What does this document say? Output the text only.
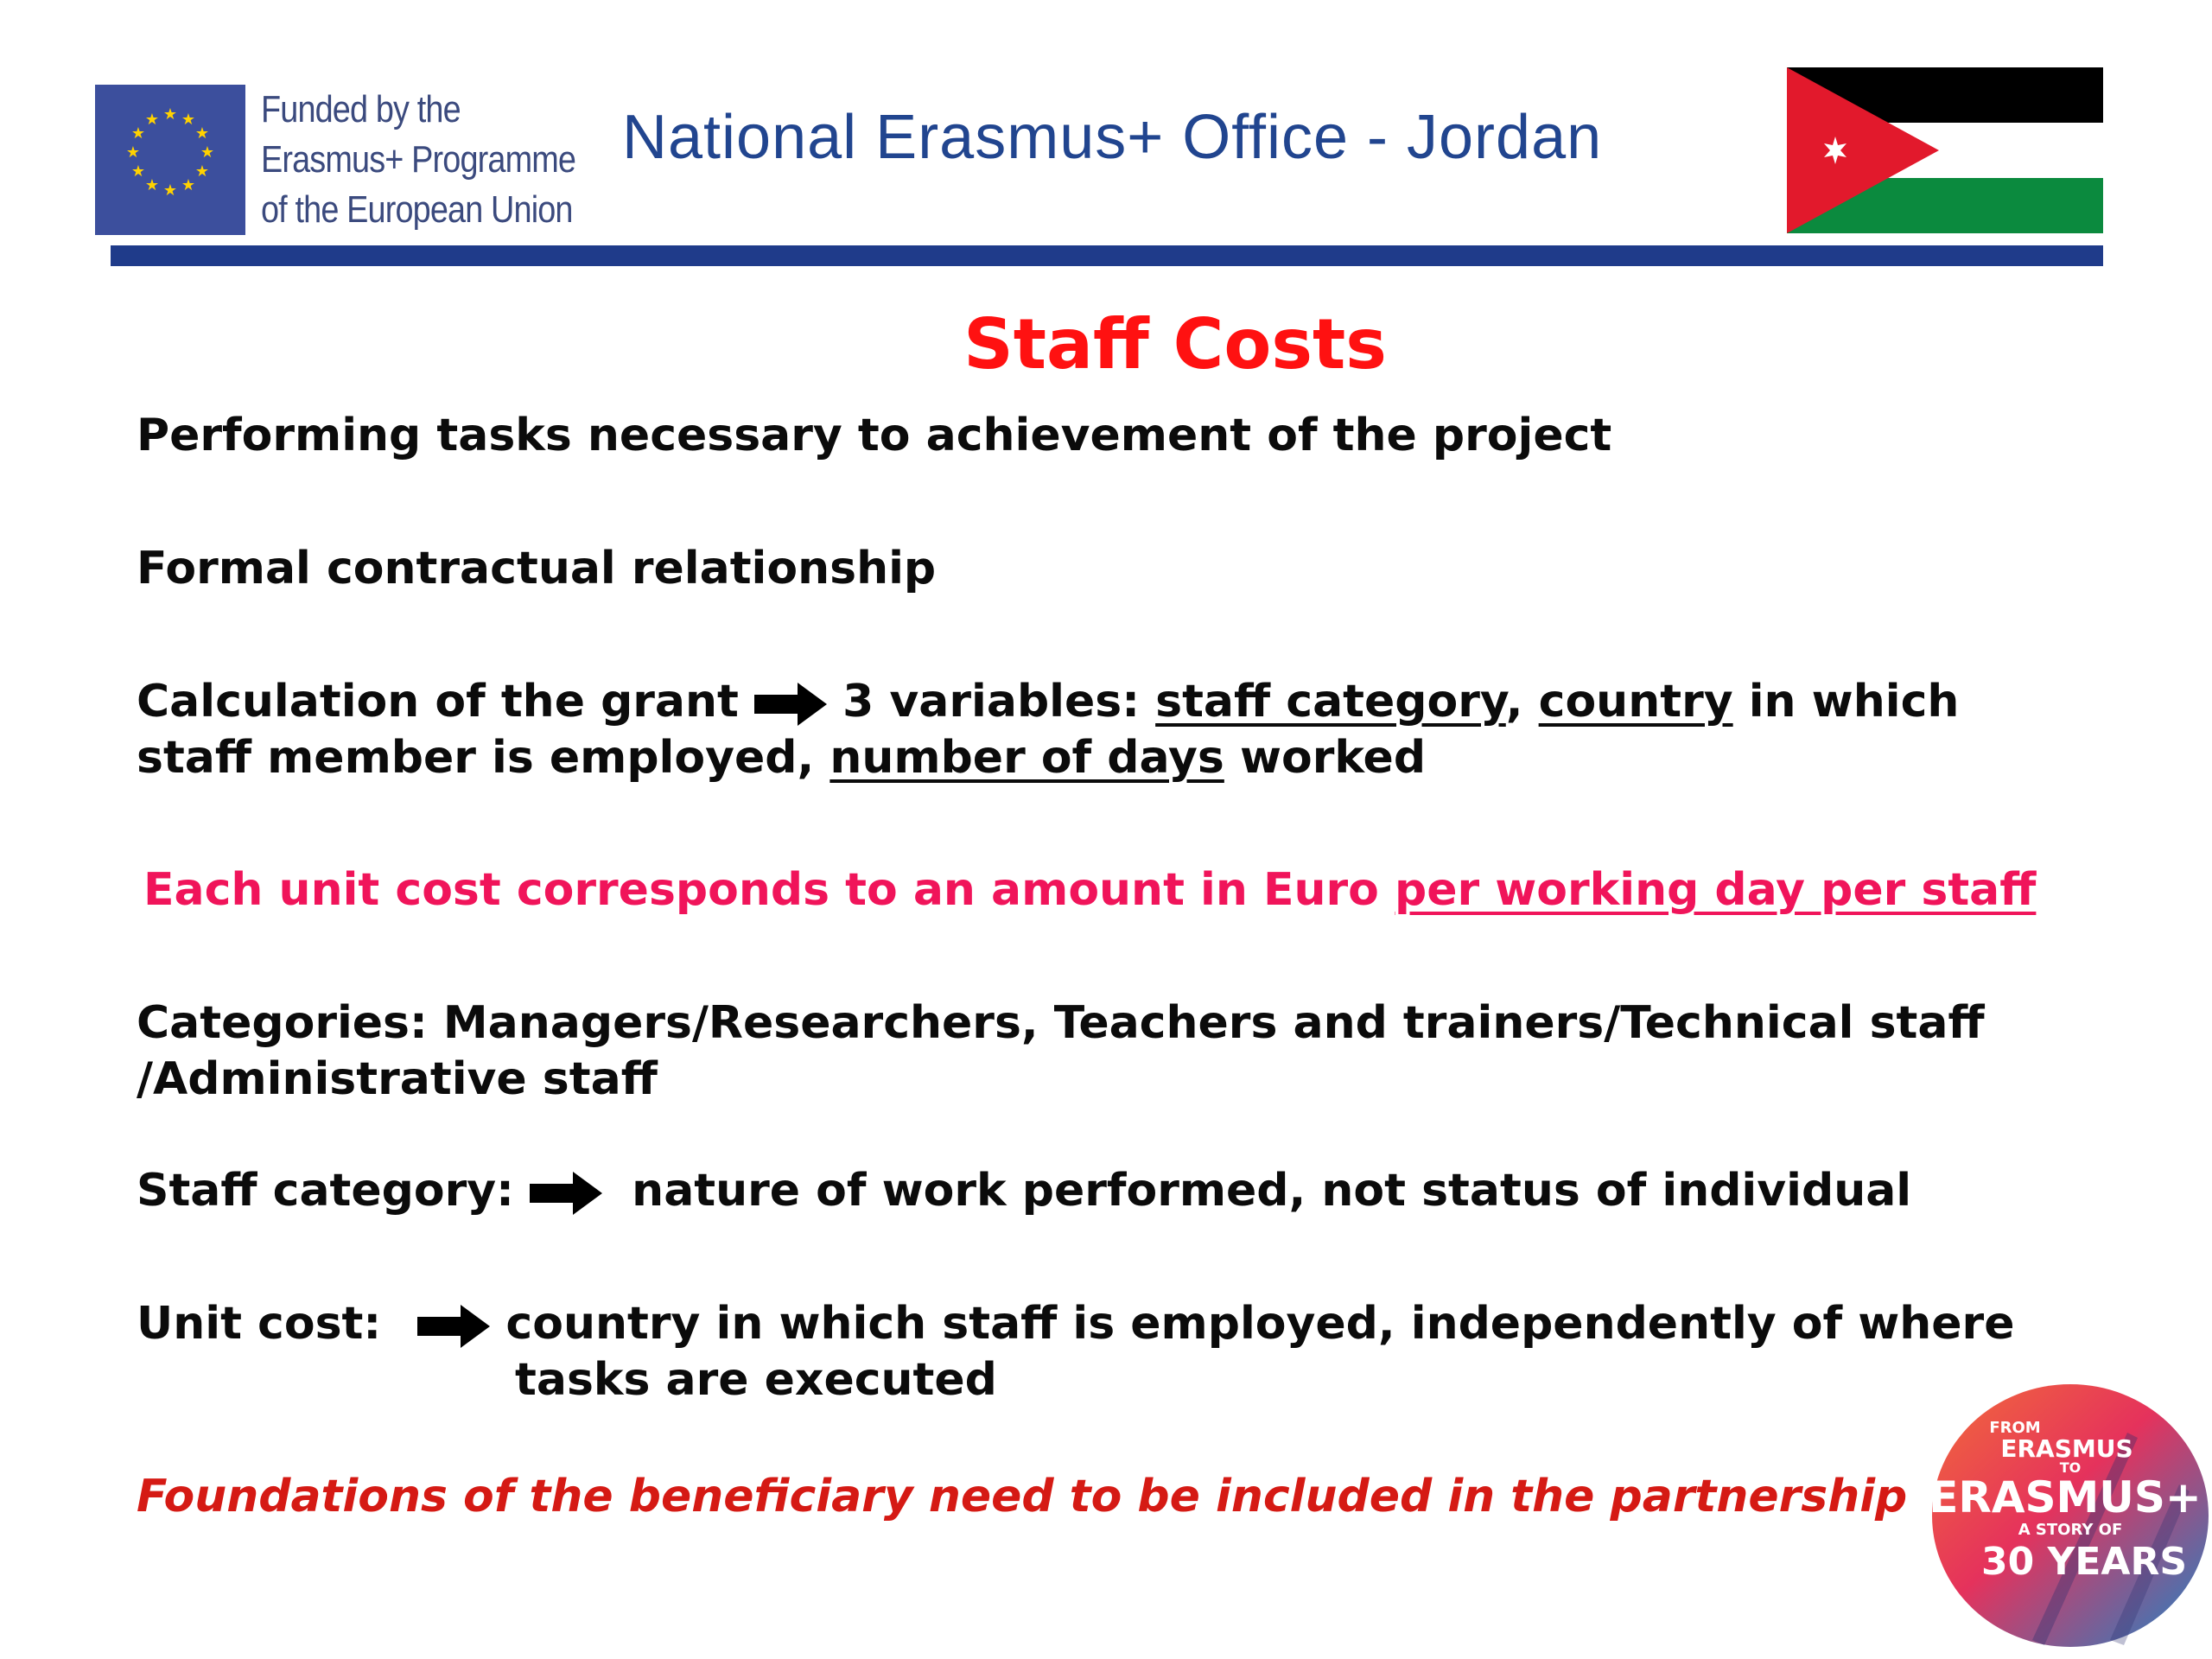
★ ★
★
★
★
★
★
★
★
★
★
★	Funded by the
Erasmus+ Programme
of the European Union
National Erasmus+ Office - Jordan
Staff Costs
Performing tasks necessary to achievement of the project
Formal contractual relationship
Calculation of the grant 3 variables: staff category, country in which
staff member is employed, number of days worked
Each unit cost corresponds to an amount in Euro per working day per staff
Categories: Managers/Researchers, Teachers and trainers/Technical staff
/Administrative staff
Staff category:	nature of work performed, not status of individual
Unit cost:	country in which staff is employed, independently of where
tasks are executed
Foundations of the beneficiary need to be included in the partnership
FROM
ERASMUS
TO
ERASMUS+
A STORY OF
30 YEARS
